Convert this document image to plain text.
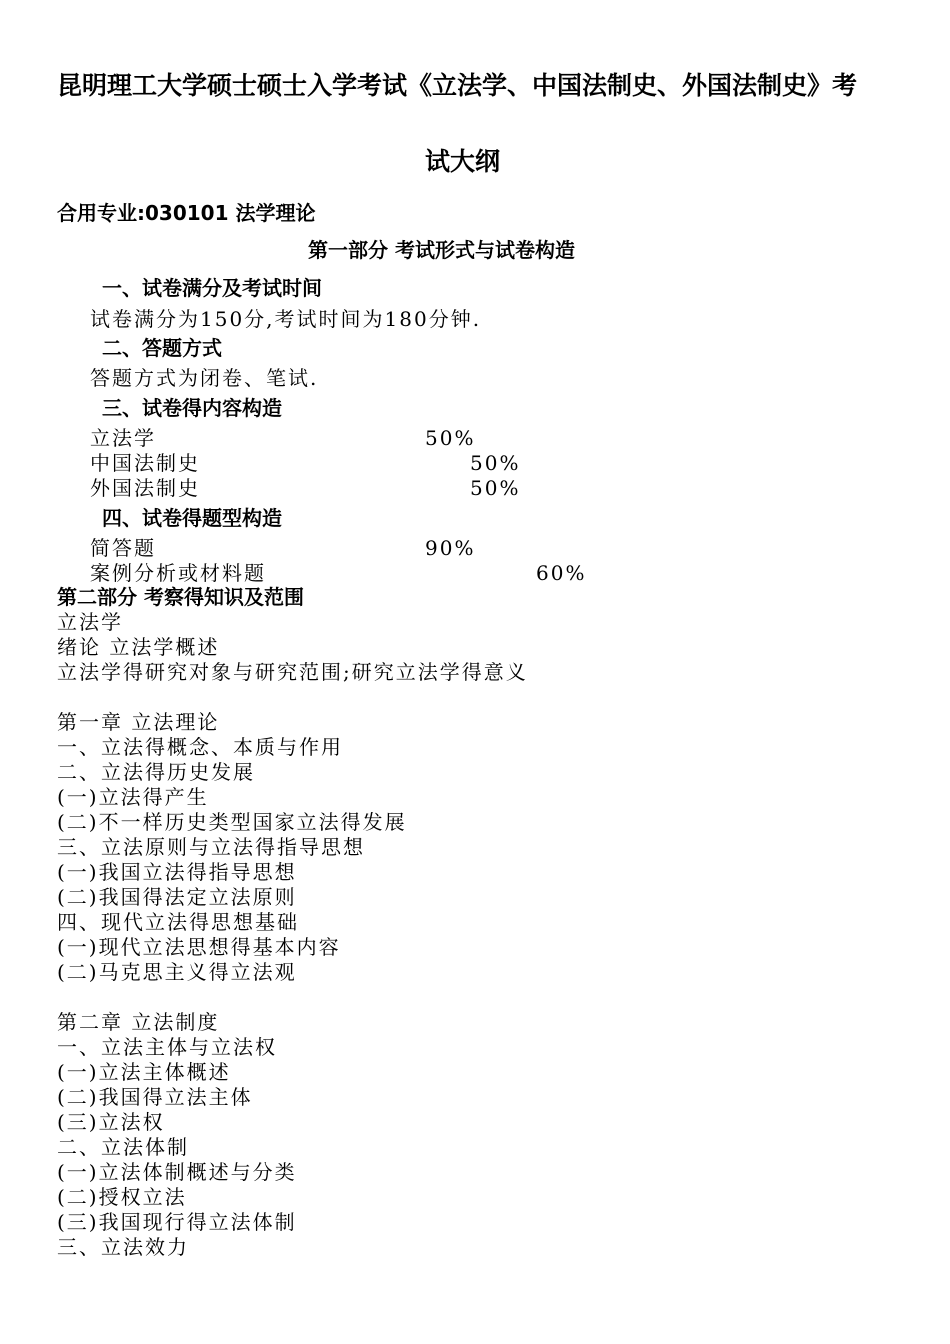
昆明理工大学硕士硕士入学考试《立法学、中国法制史、外国法制史》考
试大纲
合用专业:030101 法学理论
第一部分 考试形式与试卷构造
一、试卷满分及考试时间
试卷满分为150分,考试时间为180分钟.
二、答题方式
答题方式为闭卷、笔试.
三、试卷得内容构造
立法学	50%
中国法制史	50%
外国法制史	50%
四、试卷得题型构造
简答题	90%
案例分析或材料题	60%
第二部分 考察得知识及范围
立法学
绪论 立法学概述
立法学得研究对象与研究范围;研究立法学得意义
第一章 立法理论
一、立法得概念、本质与作用
二、立法得历史发展
(一)立法得产生
(二)不一样历史类型国家立法得发展
三、立法原则与立法得指导思想
(一)我国立法得指导思想
(二)我国得法定立法原则
四、现代立法得思想基础
(一)现代立法思想得基本内容
(二)马克思主义得立法观
第二章 立法制度
一、立法主体与立法权
(一)立法主体概述
(二)我国得立法主体
(三)立法权
二、立法体制
(一)立法体制概述与分类
(二)授权立法
(三)我国现行得立法体制
三、立法效力
